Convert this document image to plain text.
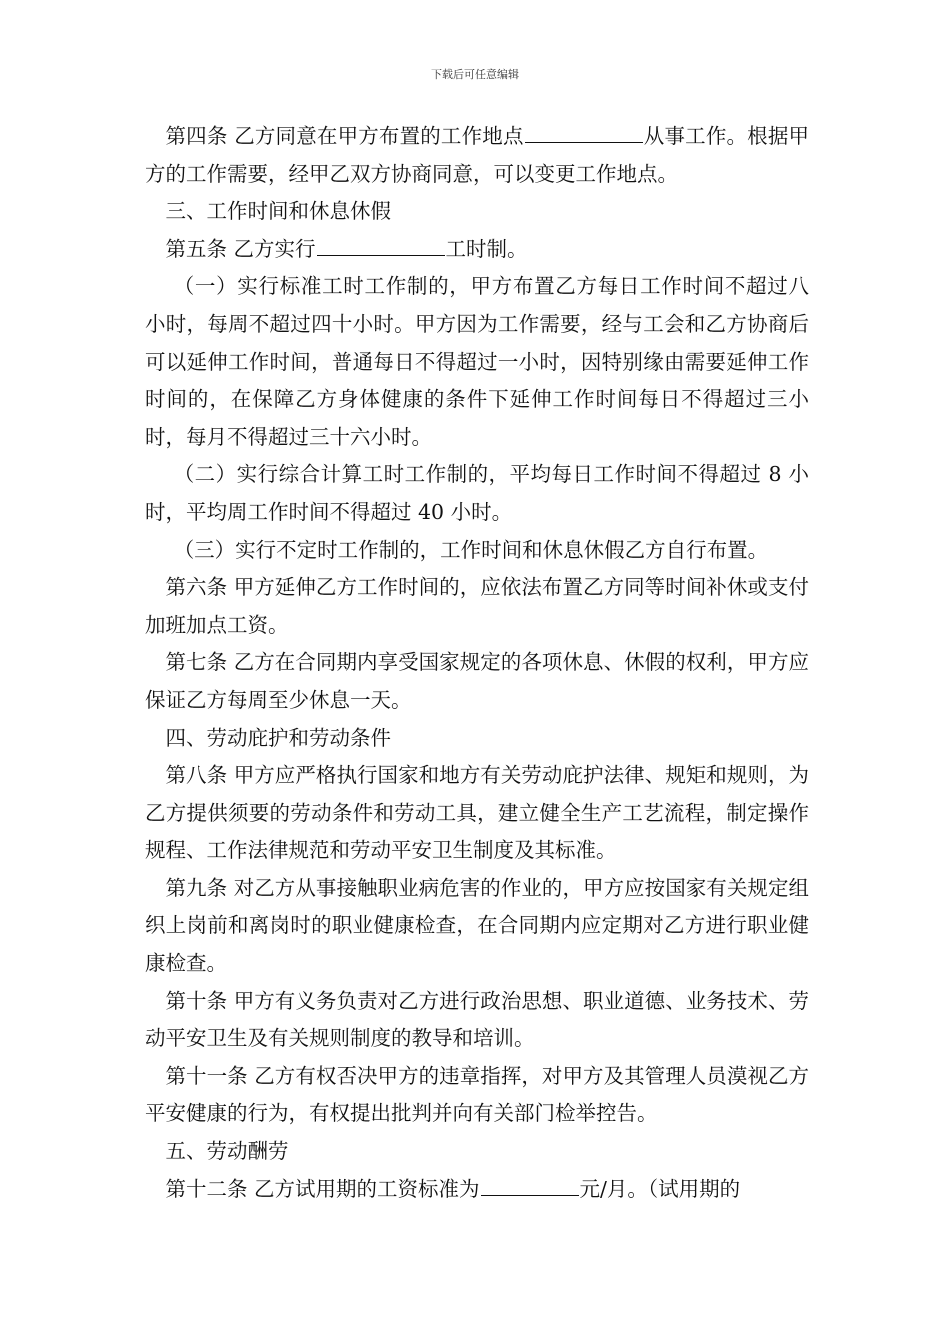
下载后可任意编辑

第四条 乙方同意在甲方布置的工作地点	从事工作。根据甲方的工作需要，经甲乙双方协商同意，可以变更工作地点。

三、工作时间和休息休假

第五条 乙方实行	工时制。

（一）实行标准工时工作制的，甲方布置乙方每日工作时间不超过八小时，每周不超过四十小时。甲方因为工作需要，经与工会和乙方协商后可以延伸工作时间，普通每日不得超过一小时，因特别缘由需要延伸工作时间的，在保障乙方身体健康的条件下延伸工作时间每日不得超过三小时，每月不得超过三十六小时。

（二）实行综合计算工时工作制的，平均每日工作时间不得超过 8 小时，平均周工作时间不得超过 40 小时。

（三）实行不定时工作制的，工作时间和休息休假乙方自行布置。

第六条 甲方延伸乙方工作时间的，应依法布置乙方同等时间补休或支付加班加点工资。

第七条 乙方在合同期内享受国家规定的各项休息、休假的权利，甲方应保证乙方每周至少休息一天。

四、劳动庇护和劳动条件

第八条 甲方应严格执行国家和地方有关劳动庇护法律、规矩和规则，为乙方提供须要的劳动条件和劳动工具，建立健全生产工艺流程，制定操作规程、工作法律规范和劳动平安卫生制度及其标准。

第九条 对乙方从事接触职业病危害的作业的，甲方应按国家有关规定组织上岗前和离岗时的职业健康检查，在合同期内应定期对乙方进行职业健康检查。

第十条 甲方有义务负责对乙方进行政治思想、职业道德、业务技术、劳动平安卫生及有关规则制度的教导和培训。

第十一条 乙方有权否决甲方的违章指挥，对甲方及其管理人员漠视乙方平安健康的行为，有权提出批判并向有关部门检举控告。

五、劳动酬劳

第十二条 乙方试用期的工资标准为	元/月。（试用期的
